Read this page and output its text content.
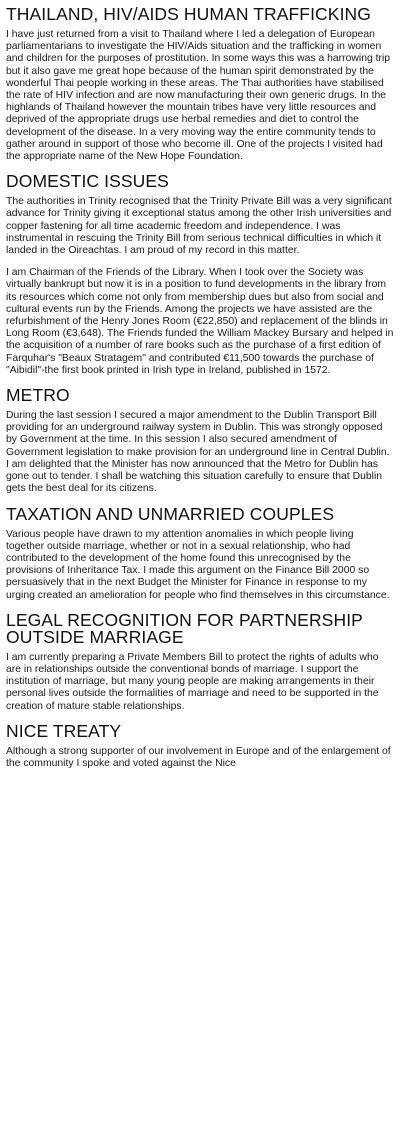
THAILAND, HIV/AIDS HUMAN TRAFFICKING

I have just returned from a visit to Thailand where I led a delegation of European parliamentarians to investigate the HIV/Aids situation and the trafficking in women and children for the purposes of prostitution. In some ways this was a harrowing trip but it also gave me great hope because of the human spirit demonstrated by the wonderful Thai people working in these areas. The Thai authorities have stabilised the rate of HIV infection and are now manufacturing their own generic drugs. In the highlands of Thailand however the mountain tribes have very little resources and deprived of the appropriate drugs use herbal remedies and diet to control the development of the disease. In a very moving way the entire community tends to gather around in support of those who become ill. One of the projects I visited had the appropriate name of the New Hope Foundation.

DOMESTIC ISSUES

The authorities in Trinity recognised that the Trinity Private Bill was a very significant advance for Trinity giving it exceptional status among the other Irish universities and copper fastening for all time academic freedom and independence. I was instrumental in rescuing the Trinity Bill from serious technical difficulties in which it landed in the Oireachtas. I am proud of my record in this matter.

I am Chairman of the Friends of the Library. When I took over the Society was virtually bankrupt but now it is in a position to fund developments in the library from its resources which come not only from membership dues but also from social and cultural events run by the Friends. Among the projects we have assisted are the refurbishment of the Henry Jones Room (€22,850) and replacement of the blinds in Long Room (€3,648). The Friends funded the William Mackey Bursary and helped in the acquisition of a number of rare books such as the purchase of a first edition of Farquhar's "Beaux Stratagem" and contributed €11,500 towards the purchase of "Aibidil"-the first book printed in Irish type in Ireland, published in 1572.

METRO

During the last session I secured a major amendment to the Dublin Transport Bill providing for an underground railway system in Dublin. This was strongly opposed by Government at the time. In this session I also secured amendment of Government legislation to make provision for an underground line in Central Dublin. I am delighted that the Minister has now announced that the Metro for Dublin has gone out to tender. I shall be watching this situation carefully to ensure that Dublin gets the best deal for its citizens.

TAXATION AND UNMARRIED COUPLES

Various people have drawn to my attention anomalies in which people living together outside marriage, whether or not in a sexual relationship, who had contributed to the development of the home found this unrecognised by the provisions of Inheritance Tax. I made this argument on the Finance Bill 2000 so persuasively that in the next Budget the Minister for Finance in response to my urging created an amelioration for people who find themselves in this circumstance.

LEGAL RECOGNITION FOR PARTNERSHIP OUTSIDE MARRIAGE

I am currently preparing a Private Members Bill to protect the rights of adults who are in relationships outside the conventional bonds of marriage. I support the institution of marriage, but many young people are making arrangements in their personal lives outside the formalities of marriage and need to be supported in the creation of mature stable relationships.

NICE TREATY

Although a strong supporter of our involvement in Europe and of the enlargement of the community I spoke and voted against the Nice
